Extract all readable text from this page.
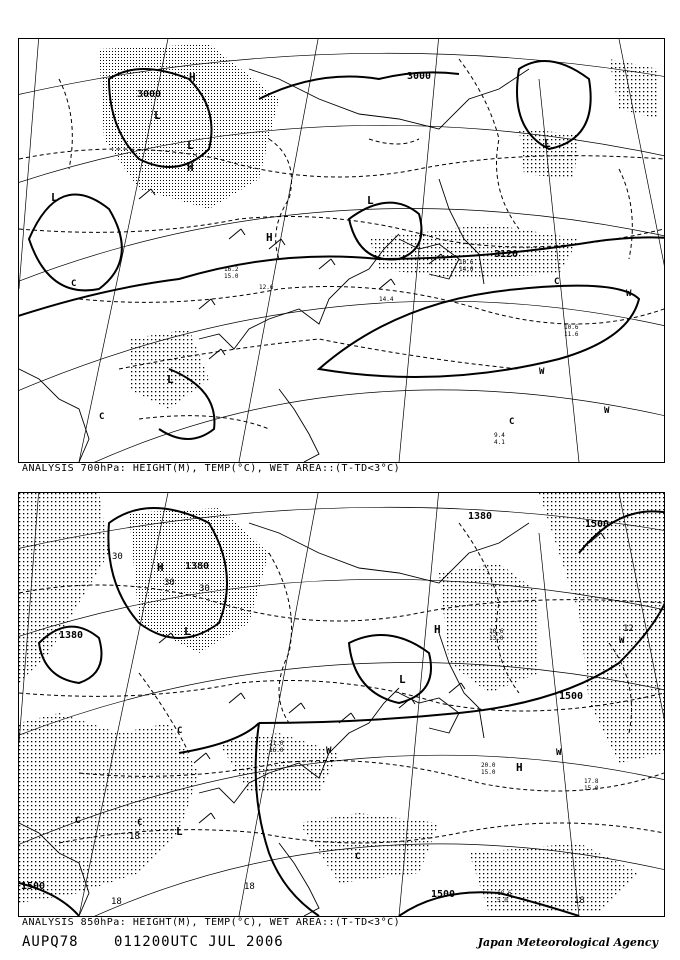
3000
3000
3120
H
H
H
L
L
L
L
L
L
C
C	C
C
W
W
W
10.6
14.0
16.2
15.0
14.4
12.6
10.6
11.6
9.4
4.1
ANALYSIS 700hPa: HEIGHT(M), TEMP(°C), WET AREA::(T-TD<3°C)
1380
1380
1380
1500
1500
1500
1500
30
30
30
12
18
18
18
18
H
H
H
L
L
L
C
C	C
C
W	W
W
21.0
16.0
20.0
15.0
17.8
15.0
18.6
5.0
16.6
13.0
ANALYSIS 850hPa: HEIGHT(M), TEMP(°C), WET AREA::(T-TD<3°C)
AUPQ78	011200UTC JUL 2006	Japan Meteorological Agency
